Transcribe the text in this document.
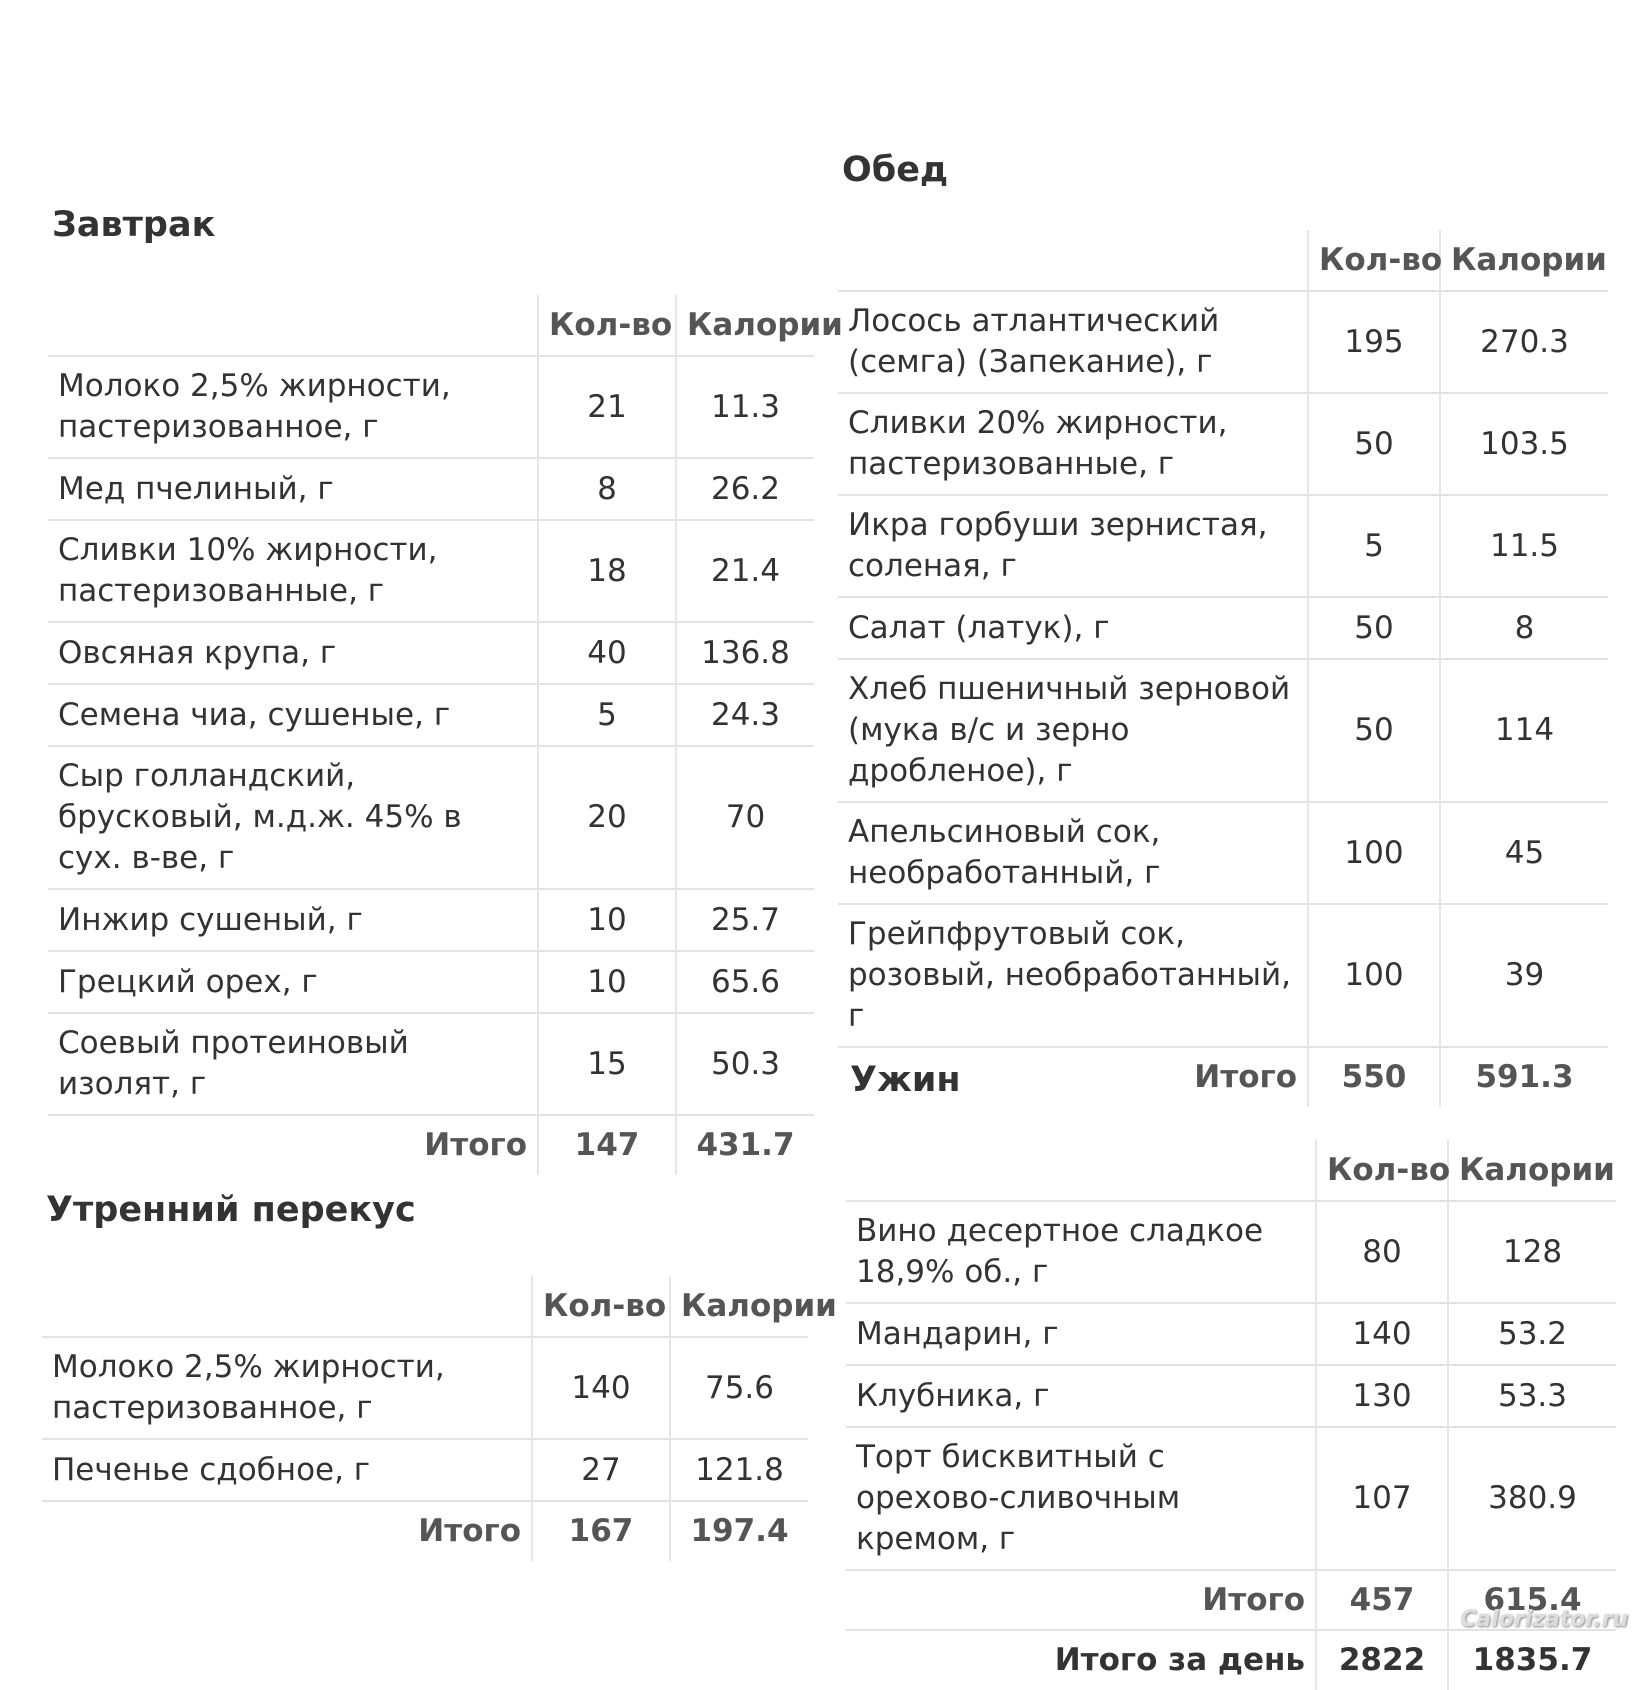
Завтрак
	Кол-во	Калории
Молоко 2,5% жирности, пастеризованное, г	21	11.3
Мед пчелиный, г	8	26.2
Сливки 10% жирности, пастеризованные, г	18	21.4
Овсяная крупа, г	40	136.8
Семена чиа, сушеные, г	5	24.3
Сыр голландский, брусковый, м.д.ж. 45% в сух. в-ве, г	20	70
Инжир сушеный, г	10	25.7
Грецкий орех, г	10	65.6
Соевый протеиновый изолят, г	15	50.3
Итого	147	431.7
Утренний перекус
	Кол-во	Калории
Молоко 2,5% жирности, пастеризованное, г	140	75.6
Печенье сдобное, г	27	121.8
Итого	167	197.4
Обед
	Кол-во	Калории
Лосось атлантический (семга) (Запекание), г	195	270.3
Сливки 20% жирности, пастеризованные, г	50	103.5
Икра горбуши зернистая, соленая, г	5	11.5
Салат (латук), г	50	8
Хлеб пшеничный зерновой (мука в/с и зерно дробленое), г	50	114
Апельсиновый сок, необработанный, г	100	45
Грейпфрутовый сок, розовый, необработанный, г	100	39
Итого	550	591.3
Ужин
	Кол-во	Калории
Вино десертное сладкое 18,9% об., г	80	128
Мандарин, г	140	53.2
Клубника, г	130	53.3
Торт бисквитный с орехово-сливочным кремом, г	107	380.9
Итого	457	615.4
Итого за день	2822	1835.7
Calorizator.ru
